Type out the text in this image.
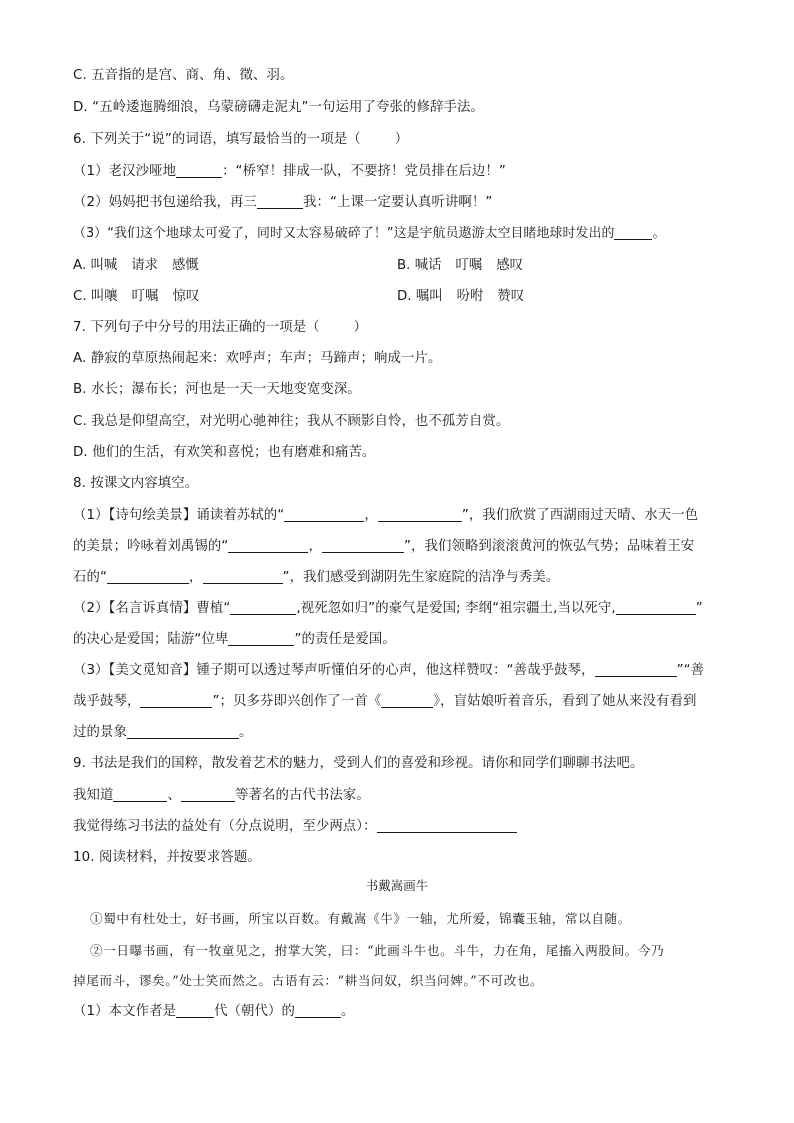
C. 五音指的是宫、商、角、徵、羽。
D. “五岭逶迤腾细浪，乌蒙磅礴走泥丸”一句运用了夸张的修辞手法。
6. 下列关于“说”的词语，填写最恰当的一项是（	）
（1）老汉沙哑地	：“桥窄！排成一队，不要挤！党员排在后边！”
（2）妈妈把书包递给我，再三	我：“上课一定要认真听讲啊！”
（3）“我们这个地球太可爱了，同时又太容易破碎了！”这是宇航员遨游太空目睹地球时发出的	。
A. 叫喊 请求 感慨	B. 喊话 叮嘱 感叹
C. 叫嚷 叮嘱 惊叹	D. 嘱叫 吩咐 赞叹
7. 下列句子中分号的用法正确的一项是（	）
A. 静寂的草原热闹起来：欢呼声；车声；马蹄声；响成一片。
B. 水长；瀑布长；河也是一天一天地变宽变深。
C. 我总是仰望高空，对光明心驰神往；我从不顾影自怜，也不孤芳自赏。
D. 他们的生活，有欢笑和喜悦；也有磨难和痛苦。
8. 按课文内容填空。
（1）【诗句绘美景】诵读着苏轼的“	，	”，我们欣赏了西湖雨过天晴、水天一色
的美景；吟咏着刘禹锡的“	，	”，我们领略到滚滚黄河的恢弘气势；品味着王安
石的“	，	”，我们感受到湖阴先生家庭院的洁净与秀美。
（2）【名言诉真情】曹植“	,视死忽如归”的豪气是爱国; 李纲“祖宗疆土,当以死守,	”
的决心是爱国；陆游“位卑	”的责任是爱国。
（3）【美文觅知音】锺子期可以透过琴声听懂伯牙的心声，他这样赞叹：“善哉乎鼓琴，	”“善
哉乎鼓琴，	”；贝多芬即兴创作了一首《	》，盲姑娘听着音乐，看到了她从来没有看到
过的景象	。
9. 书法是我们的国粹，散发着艺术的魅力，受到人们的喜爱和珍视。请你和同学们聊聊书法吧。
我知道	、	等著名的古代书法家。
我觉得练习书法的益处有（分点说明，至少两点）：
10. 阅读材料，并按要求答题。
书戴嵩画牛
①蜀中有杜处士，好书画，所宝以百数。有戴嵩《牛》一轴，尤所爱，锦囊玉轴，常以自随。
②一日曝书画，有一牧童见之，拊掌大笑，曰：“此画斗牛也。斗牛，力在角，尾搐入两股间。今乃
掉尾而斗，谬矣。”处士笑而然之。古语有云：“耕当问奴，织当问婢。”不可改也。
（1）本文作者是	代（朝代）的	。
